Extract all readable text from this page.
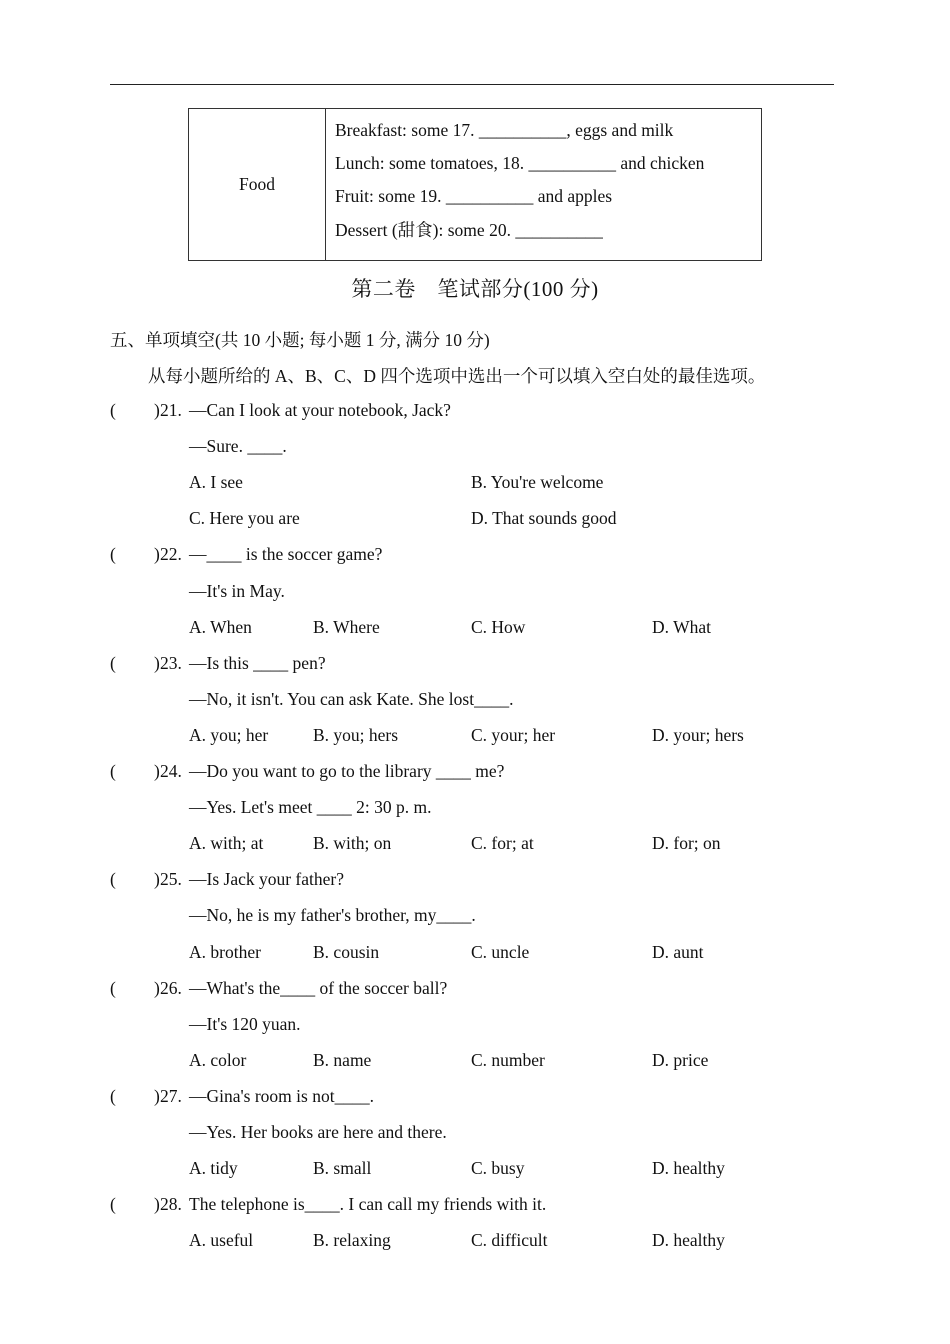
Food
Breakfast: some 17. __________, eggs and milk
Lunch: some tomatoes, 18. __________ and chicken
Fruit: some 19. __________ and apples
Dessert (甜食): some 20. __________
第二卷　笔试部分(100 分)
五、单项填空(共 10 小题; 每小题 1 分, 满分 10 分)
从每小题所给的 A、B、C、D 四个选项中选出一个可以填入空白处的最佳选项。
( ) 21. —Can I look at your notebook, Jack?
—Sure. ____.
A. I see	B. You're welcome
C. Here you are	D. That sounds good
( ) 22. —____ is the soccer game?
—It's in May.
A. When	B. Where	C. How	D. What
( ) 23. —Is this ____ pen?
—No, it isn't. You can ask Kate. She lost____.
A. you; her	B. you; hers	C. your; her	D. your; hers
( ) 24. —Do you want to go to the library ____ me?
—Yes. Let's meet ____ 2: 30 p. m.
A. with; at	B. with; on	C. for; at	D. for; on
( ) 25. —Is Jack your father?
—No, he is my father's brother, my____.
A. brother	B. cousin	C. uncle	D. aunt
( ) 26. —What's the____ of the soccer ball?
—It's 120 yuan.
A. color	B. name	C. number	D. price
( ) 27. —Gina's room is not____.
—Yes. Her books are here and there.
A. tidy	B. small	C. busy	D. healthy
( ) 28. The telephone is____. I can call my friends with it.
A. useful	B. relaxing	C. difficult	D. healthy
